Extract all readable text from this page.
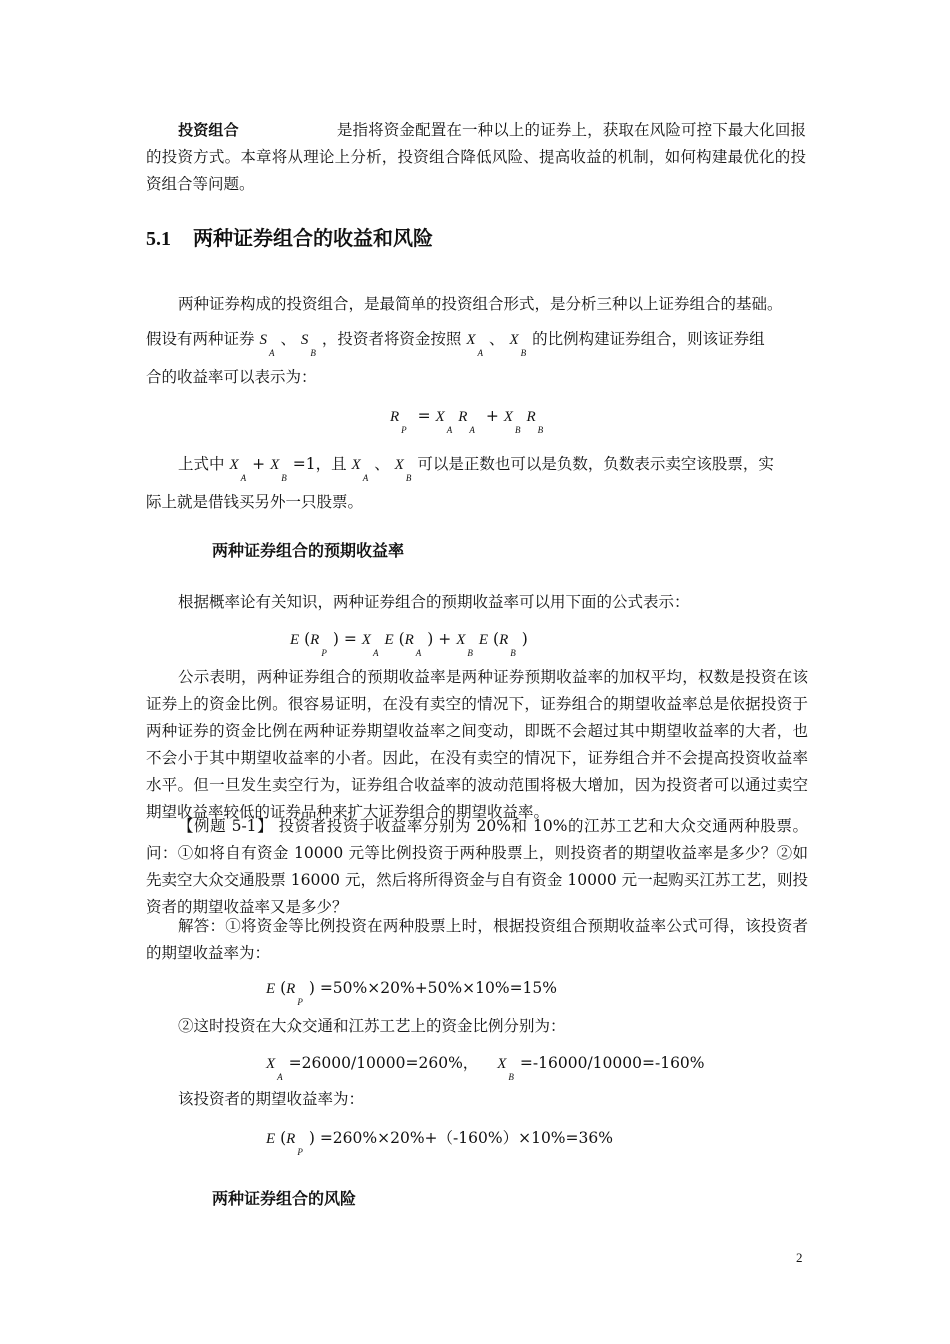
投资组合	是指将资金配置在一种以上的证券上，获取在风险可控下最大化回报的投资方式。本章将从理论上分析，投资组合降低风险、提高收益的机制，如何构建最优化的投资组合等问题。
5.1 两种证券组合的收益和风险
两种证券构成的投资组合，是最简单的投资组合形式，是分析三种以上证券组合的基础。
假设有两种证券 $S_A$、 $S_B$，投资者将资金按照 $X_A$、 $X_B$的比例构建证券组合，则该证券组
合的收益率可以表示为：
$R_P = X_AR_A + X_BR_B$
上式中 $X_A+ X_B=1$，且 $X_A$、 $X_B$可以是正数也可以是负数，负数表示卖空该股票，实
际上就是借钱买另外一只股票。
两种证券组合的预期收益率
根据概率论有关知识，两种证券组合的预期收益率可以用下面的公式表示：
E $(R_P) = X_AE$ $(R_A) + X_BE$ $(R_B)$
公示表明，两种证券组合的预期收益率是两种证券预期收益率的加权平均，权数是投资在该证券上的资金比例。很容易证明，在没有卖空的情况下，证券组合的期望收益率总是依据投资于两种证券的资金比例在两种证券期望收益率之间变动，即既不会超过其中期望收益率的大者，也不会小于其中期望收益率的小者。因此，在没有卖空的情况下，证券组合并不会提高投资收益率水平。但一旦发生卖空行为，证券组合收益率的波动范围将极大增加，因为投资者可以通过卖空期望收益率较低的证券品种来扩大证券组合的期望收益率。
【例题 5-1】 投资者投资于收益率分别为 20%和 10%的江苏工艺和大众交通两种股票。问：①如将自有资金 10000 元等比例投资于两种股票上，则投资者的期望收益率是多少？②如先卖空大众交通股票 16000 元，然后将所得资金与自有资金 10000 元一起购买江苏工艺，则投资者的期望收益率又是多少？
解答：①将资金等比例投资在两种股票上时，根据投资组合预期收益率公式可得，该投资者的期望收益率为：
E $(R_P) =50\%\times 20\%+50\%\times 10\%=15\%$
②这时投资在大众交通和江苏工艺上的资金比例分别为：
$X_A=26000/10000=260\%$， $X_B=-16000/10000=-160\%$
该投资者的期望收益率为：
E $(R_P) =260\%\times 20\%+(-160\%)\times 10\%=36\%$
两种证券组合的风险
2
